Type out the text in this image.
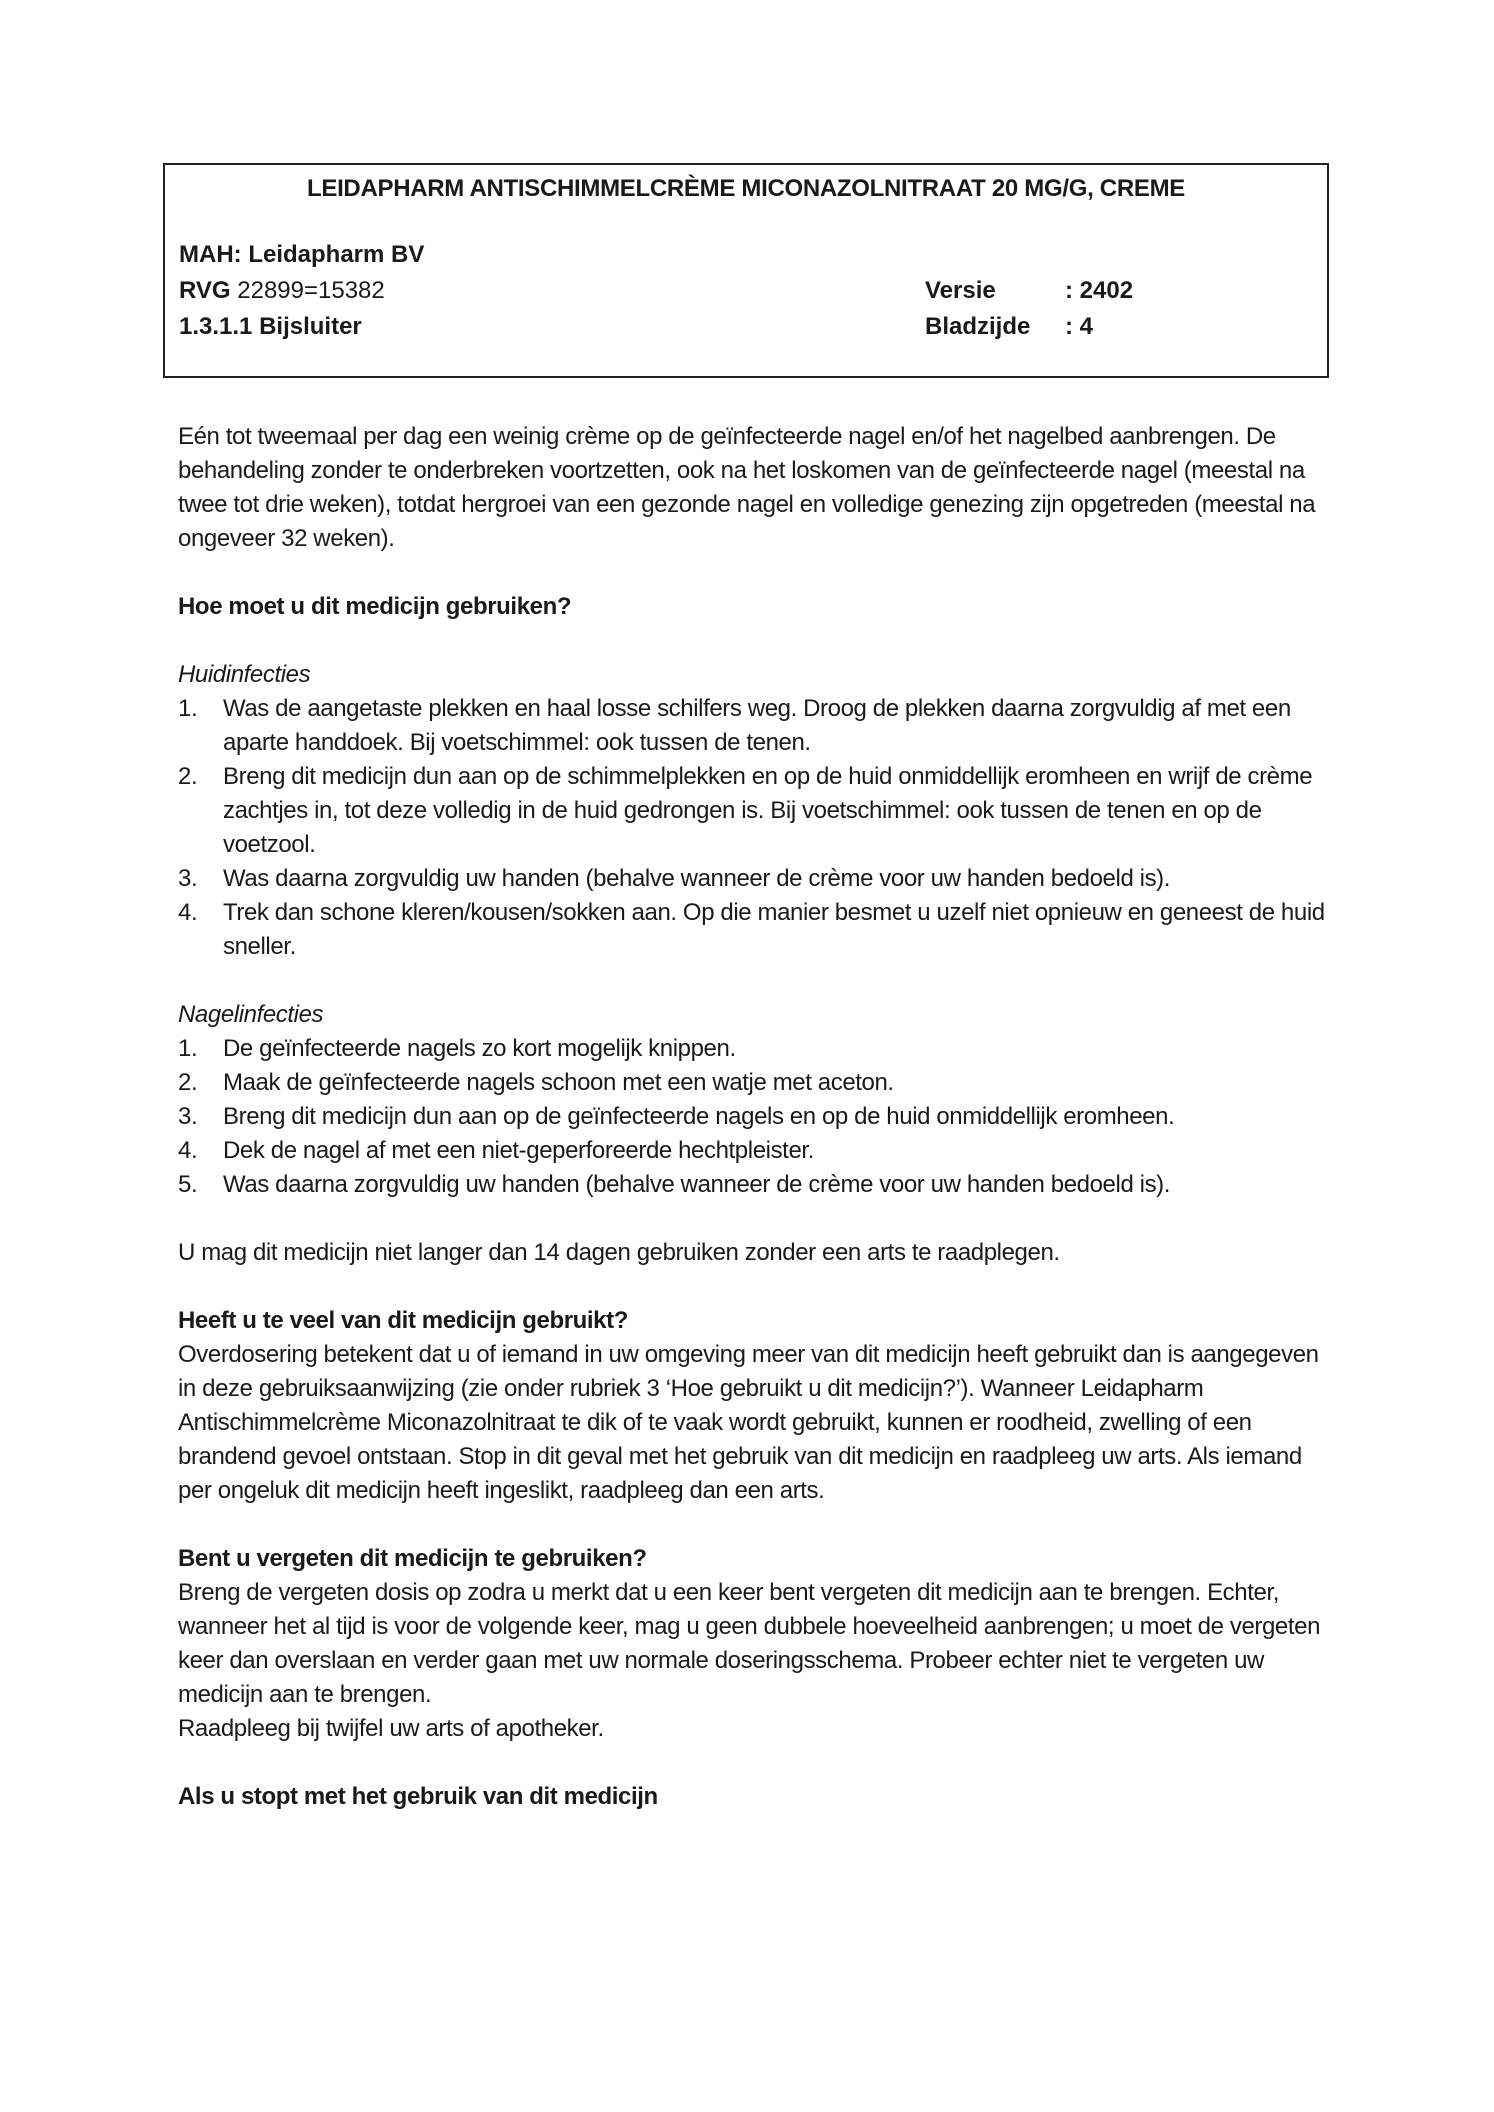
LEIDAPHARM ANTISCHIMMELCRÈME MICONAZOLNITRAAT 20 MG/G, CREME
MAH: Leidapharm BV
RVG 22899=15382
1.3.1.1 Bijsluiter
Versie	: 2402
Bladzijde : 4

Eén tot tweemaal per dag een weinig crème op de geïnfecteerde nagel en/of het nagelbed aanbrengen. De behandeling zonder te onderbreken voortzetten, ook na het loskomen van de geïnfecteerde nagel (meestal na twee tot drie weken), totdat hergroei van een gezonde nagel en volledige genezing zijn opgetreden (meestal na ongeveer 32 weken).

Hoe moet u dit medicijn gebruiken?

Huidinfecties

1. Was de aangetaste plekken en haal losse schilfers weg. Droog de plekken daarna zorgvuldig af met een aparte handdoek. Bij voetschimmel: ook tussen de tenen.
2. Breng dit medicijn dun aan op de schimmelplekken en op de huid onmiddellijk eromheen en wrijf de crème zachtjes in, tot deze volledig in de huid gedrongen is. Bij voetschimmel: ook tussen de tenen en op de voetzool.
3. Was daarna zorgvuldig uw handen (behalve wanneer de crème voor uw handen bedoeld is).
4. Trek dan schone kleren/kousen/sokken aan. Op die manier besmet u uzelf niet opnieuw en geneest de huid sneller.

Nagelinfecties

1. De geïnfecteerde nagels zo kort mogelijk knippen.
2. Maak de geïnfecteerde nagels schoon met een watje met aceton.
3. Breng dit medicijn dun aan op de geïnfecteerde nagels en op de huid onmiddellijk eromheen.
4. Dek de nagel af met een niet-geperforeerde hechtpleister.
5. Was daarna zorgvuldig uw handen (behalve wanneer de crème voor uw handen bedoeld is).

U mag dit medicijn niet langer dan 14 dagen gebruiken zonder een arts te raadplegen.

Heeft u te veel van dit medicijn gebruikt?

Overdosering betekent dat u of iemand in uw omgeving meer van dit medicijn heeft gebruikt dan is aangegeven in deze gebruiksaanwijzing (zie onder rubriek 3 ‘Hoe gebruikt u dit medicijn?’). Wanneer Leidapharm Antischimmelcrème Miconazolnitraat te dik of te vaak wordt gebruikt, kunnen er roodheid, zwelling of een brandend gevoel ontstaan. Stop in dit geval met het gebruik van dit medicijn en raadpleeg uw arts. Als iemand per ongeluk dit medicijn heeft ingeslikt, raadpleeg dan een arts.

Bent u vergeten dit medicijn te gebruiken?

Breng de vergeten dosis op zodra u merkt dat u een keer bent vergeten dit medicijn aan te brengen. Echter, wanneer het al tijd is voor de volgende keer, mag u geen dubbele hoeveelheid aanbrengen; u moet de vergeten keer dan overslaan en verder gaan met uw normale doseringsschema. Probeer echter niet te vergeten uw medicijn aan te brengen.

Raadpleeg bij twijfel uw arts of apotheker.

Als u stopt met het gebruik van dit medicijn
